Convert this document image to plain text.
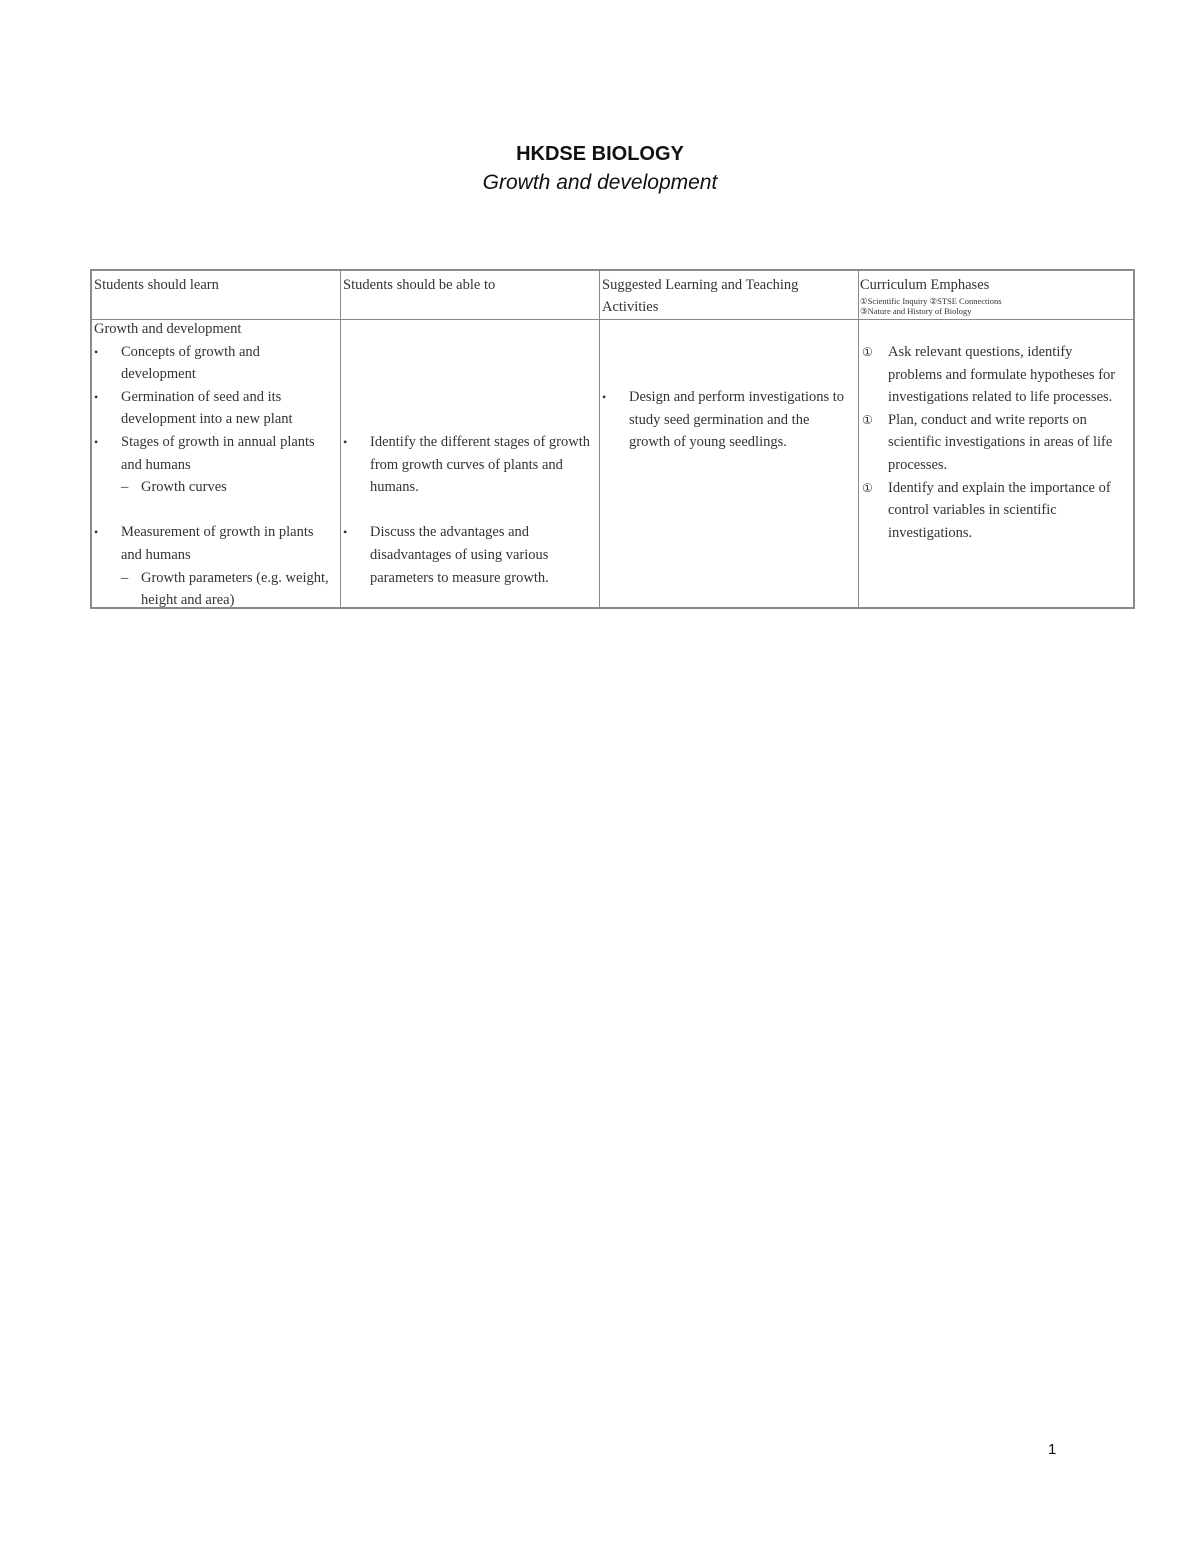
HKDSE BIOLOGY
Growth and development
Students should learn	Students should be able to	Suggested Learning and Teaching Activities
Curriculum Emphases
①Scientific Inquiry ②STSE Connections
③Nature and History of Biology
Growth and development
• Concepts of growth and development
• Germination of seed and its development into a new plant
• Stages of growth in annual plants and humans
– Growth curves
• Measurement of growth in plants and humans
– Growth parameters (e.g. weight, height and area)
• Identify the different stages of growth from growth curves of plants and humans.
• Discuss the advantages and disadvantages of using various parameters to measure growth.
• Design and perform investigations to study seed germination and the growth of young seedlings.
① Ask relevant questions, identify problems and formulate hypotheses for investigations related to life processes.
① Plan, conduct and write reports on scientific investigations in areas of life processes.
① Identify and explain the importance of control variables in scientific investigations.
1
